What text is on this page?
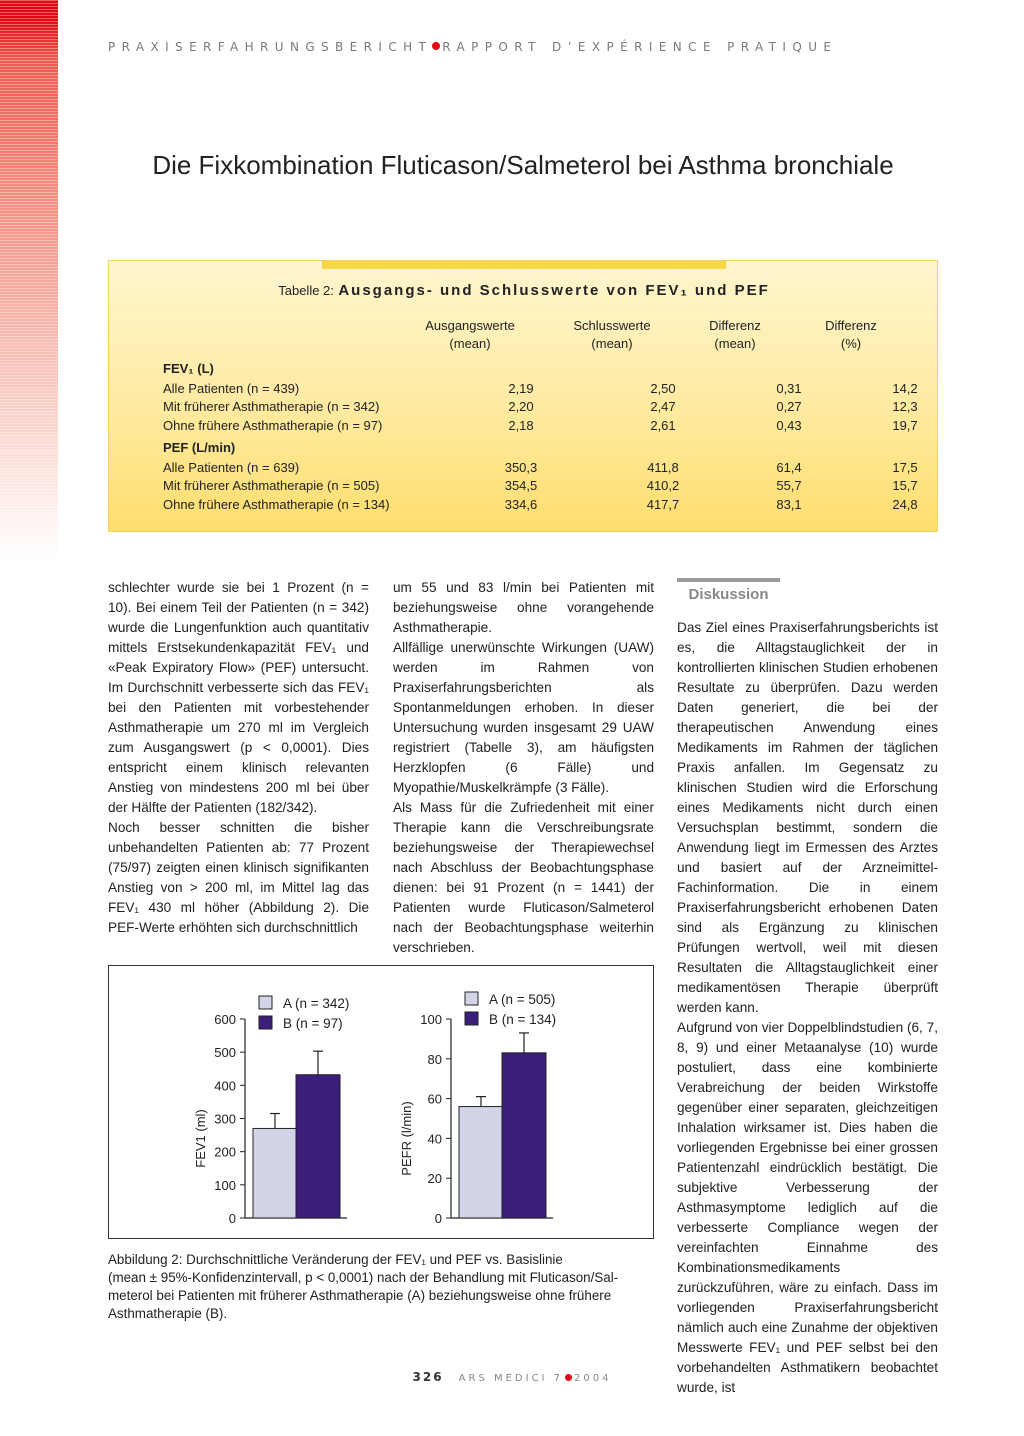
PRAXISERFAHRUNGSBERICHT RAPPORT D’EXPÉRIENCE PRATIQUE
Die Fixkombination Fluticason/Salmeterol bei Asthma bronchiale
Tabelle 2: Ausgangs- und Schlusswerte von FEV₁ und PEF
Ausgangswerte
(mean)
Schlusswerte
(mean)
Differenz
(mean)
Differenz
(%)
FEV₁ (L)
Alle Patienten (n = 439)	2,19	2,50	0,31	14,2
Mit früherer Asthmatherapie (n = 342)	2,20	2,47	0,27	12,3
Ohne frühere Asthmatherapie (n = 97)	2,18	2,61	0,43	19,7
PEF (L/min)
Alle Patienten (n = 639)	350,3	411,8	61,4	17,5
Mit früherer Asthmatherapie (n = 505)	354,5	410,2	55,7	15,7
Ohne frühere Asthmatherapie (n = 134)	334,6	417,7	83,1	24,8

schlechter wurde sie bei 1 Prozent (n = 10). Bei einem Teil der Patienten (n = 342) wurde die Lungenfunktion auch quantitativ mittels Erstsekundenkapazität FEV₁ und «Peak Expiratory Flow» (PEF) untersucht. Im Durchschnitt verbesserte sich das FEV₁ bei den Patienten mit vorbestehender Asthmatherapie um 270 ml im Vergleich zum Ausgangswert (p < 0,0001). Dies entspricht einem klinisch relevanten Anstieg von mindestens 200 ml bei über der Hälfte der Patienten (182/342).

Noch besser schnitten die bisher unbehandelten Patienten ab: 77 Prozent (75/97) zeigten einen klinisch signifikanten Anstieg von > 200 ml, im Mittel lag das FEV₁ 430 ml höher (Abbildung 2). Die PEF-Werte erhöhten sich durchschnittlich

um 55 und 83 l/min bei Patienten mit beziehungsweise ohne vorangehende Asthmatherapie.

Allfällige unerwünschte Wirkungen (UAW) werden im Rahmen von Praxiserfahrungsberichten als Spontanmeldungen erhoben. In dieser Untersuchung wurden insgesamt 29 UAW registriert (Tabelle 3), am häufigsten Herzklopfen (6 Fälle) und Myopathie/Muskelkrämpfe (3 Fälle).

Als Mass für die Zufriedenheit mit einer Therapie kann die Verschreibungsrate beziehungsweise der Therapiewechsel nach Abschluss der Beobachtungsphase dienen: bei 91 Prozent (n = 1441) der Patienten wurde Fluticason/Salmeterol nach der Beobachtungsphase weiterhin verschrieben.

Diskussion

Das Ziel eines Praxiserfahrungsberichts ist es, die Alltagstauglichkeit der in kontrollierten klinischen Studien erhobenen Resultate zu überprüfen. Dazu werden Daten generiert, die bei der therapeutischen Anwendung eines Medikaments im Rahmen der täglichen Praxis anfallen. Im Gegensatz zu klinischen Studien wird die Erforschung eines Medikaments nicht durch einen Versuchsplan bestimmt, sondern die Anwendung liegt im Ermessen des Arztes und basiert auf der Arzneimittel-Fachinformation. Die in einem Praxiserfahrungsbericht erhobenen Daten sind als Ergänzung zu klinischen Prüfungen wertvoll, weil mit diesen Resultaten die Alltagstauglichkeit einer medikamentösen Therapie überprüft werden kann.

Aufgrund von vier Doppelblindstudien (6, 7, 8, 9) und einer Metaanalyse (10) wurde postuliert, dass eine kombinierte Verabreichung der beiden Wirkstoffe gegenüber einer separaten, gleichzeitigen Inhalation wirksamer ist. Dies haben die vorliegenden Ergebnisse bei einer grossen Patientenzahl eindrücklich bestätigt. Die subjektive Verbesserung der Asthmasymptome lediglich auf die verbesserte Compliance wegen der vereinfachten Einnahme des Kombinationsmedikaments zurückzuführen, wäre zu einfach. Dass im vorliegenden Praxiserfahrungsbericht nämlich auch eine Zunahme der objektiven Messwerte FEV₁ und PEF selbst bei den vorbehandelten Asthmatikern beobachtet wurde, ist

0
100
200
300
400
500
600
FEV1 (ml)
A (n = 342)
B (n = 97)
0
20
40
60
80
100
PEFR (l/min)
A (n = 505)
B (n = 134)

Abbildung 2: Durchschnittliche Veränderung der FEV₁ und PEF vs. Basislinie

(mean ± 95%-Konfidenzintervall, p < 0,0001) nach der Behandlung mit Fluticason/Sal-

meterol bei Patienten mit früherer Asthmatherapie (A) beziehungsweise ohne frühere

Asthmatherapie (B).

326 ARS MEDICI 7 2004
